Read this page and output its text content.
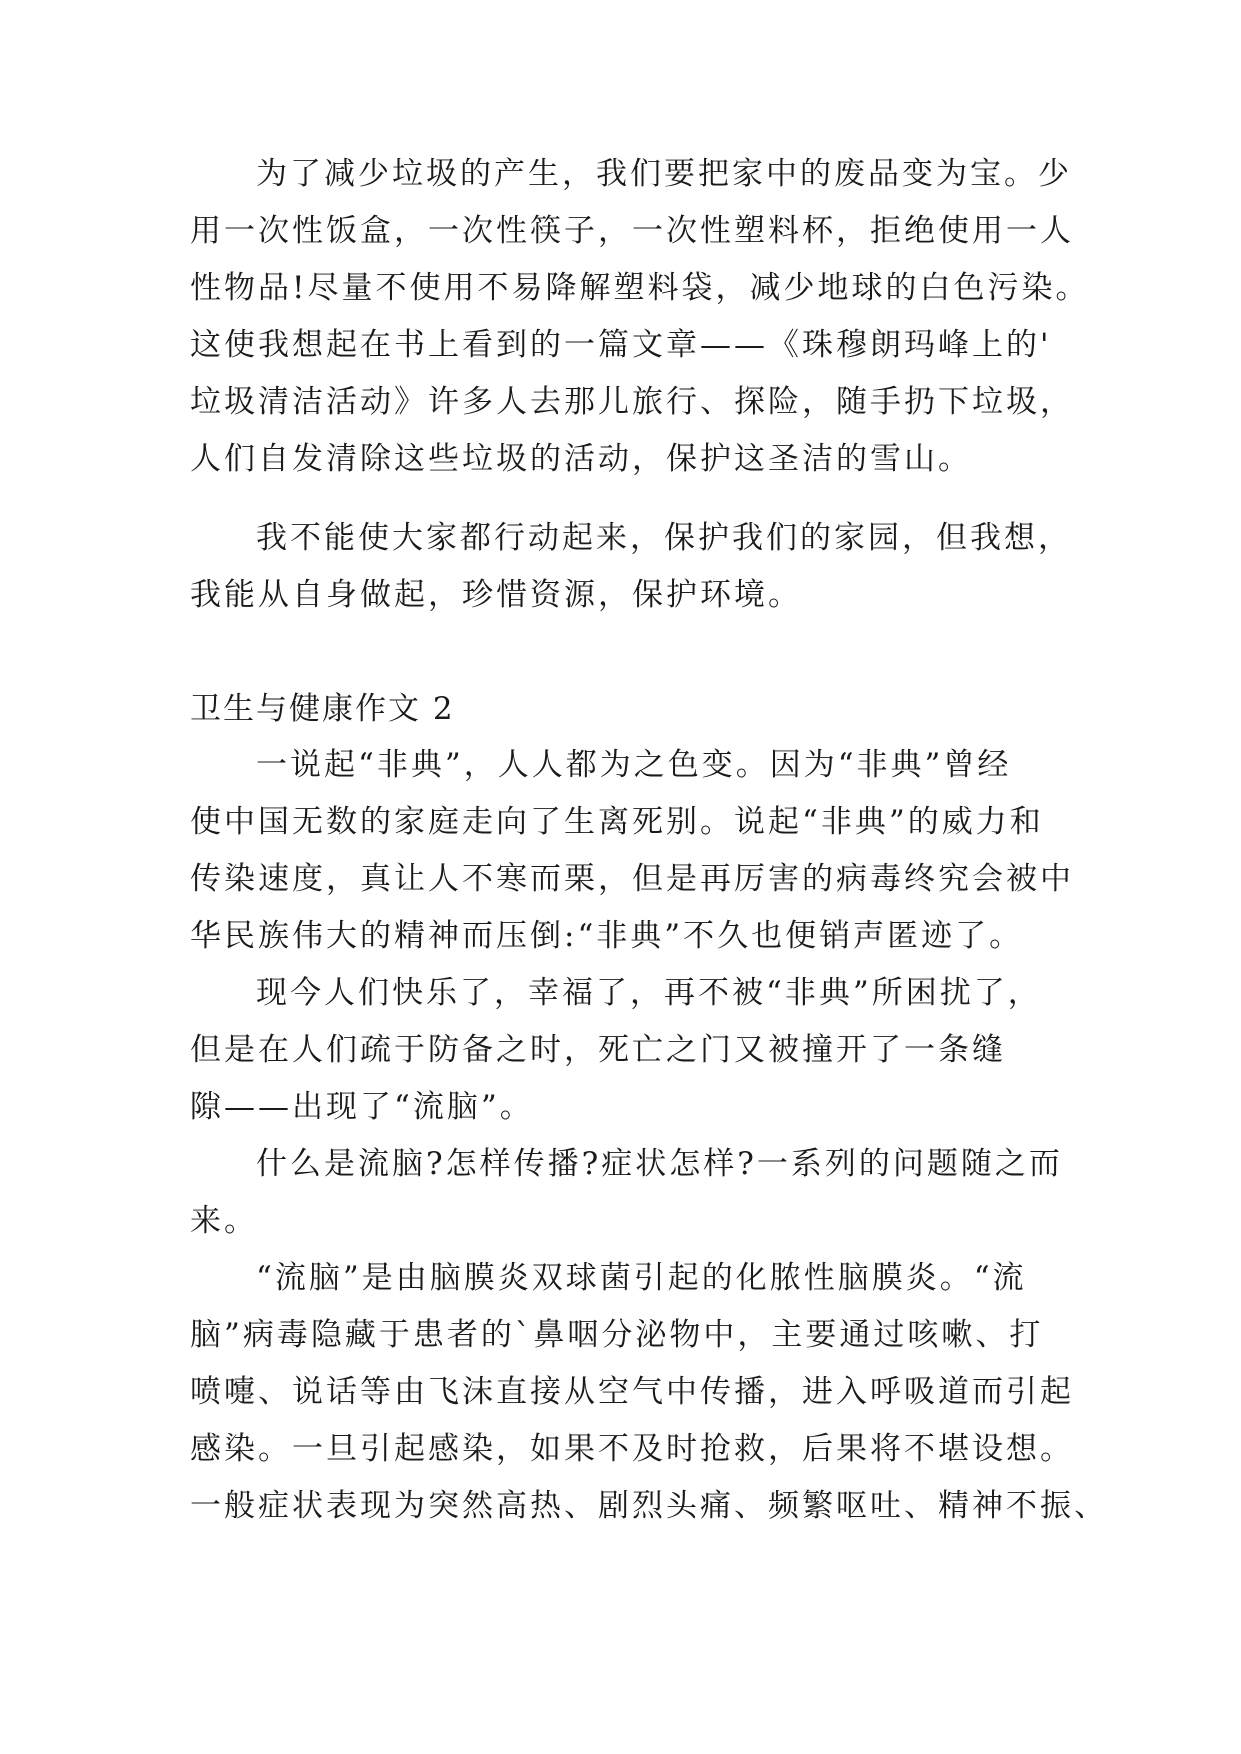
为了减少垃圾的产生，我们要把家中的废品变为宝。少
用一次性饭盒，一次性筷子，一次性塑料杯，拒绝使用一人
性物品!尽量不使用不易降解塑料袋，减少地球的白色污染。
这使我想起在书上看到的一篇文章——《珠穆朗玛峰上的'
垃圾清洁活动》许多人去那儿旅行、探险，随手扔下垃圾，
人们自发清除这些垃圾的活动，保护这圣洁的雪山。
我不能使大家都行动起来，保护我们的家园，但我想，
我能从自身做起，珍惜资源，保护环境。
卫生与健康作文 2
一说起“非典”，人人都为之色变。因为“非典”曾经
使中国无数的家庭走向了生离死别。说起“非典”的威力和
传染速度，真让人不寒而栗，但是再厉害的病毒终究会被中
华民族伟大的精神而压倒:“非典”不久也便销声匿迹了。
现今人们快乐了，幸福了，再不被“非典”所困扰了，
但是在人们疏于防备之时，死亡之门又被撞开了一条缝
隙——出现了“流脑”。
什么是流脑?怎样传播?症状怎样?一系列的问题随之而
来。
“流脑”是由脑膜炎双球菌引起的化脓性脑膜炎。“流
脑”病毒隐藏于患者的`鼻咽分泌物中，主要通过咳嗽、打
喷嚏、说话等由飞沫直接从空气中传播，进入呼吸道而引起
感染。一旦引起感染，如果不及时抢救，后果将不堪设想。
一般症状表现为突然高热、剧烈头痛、频繁呕吐、精神不振、
